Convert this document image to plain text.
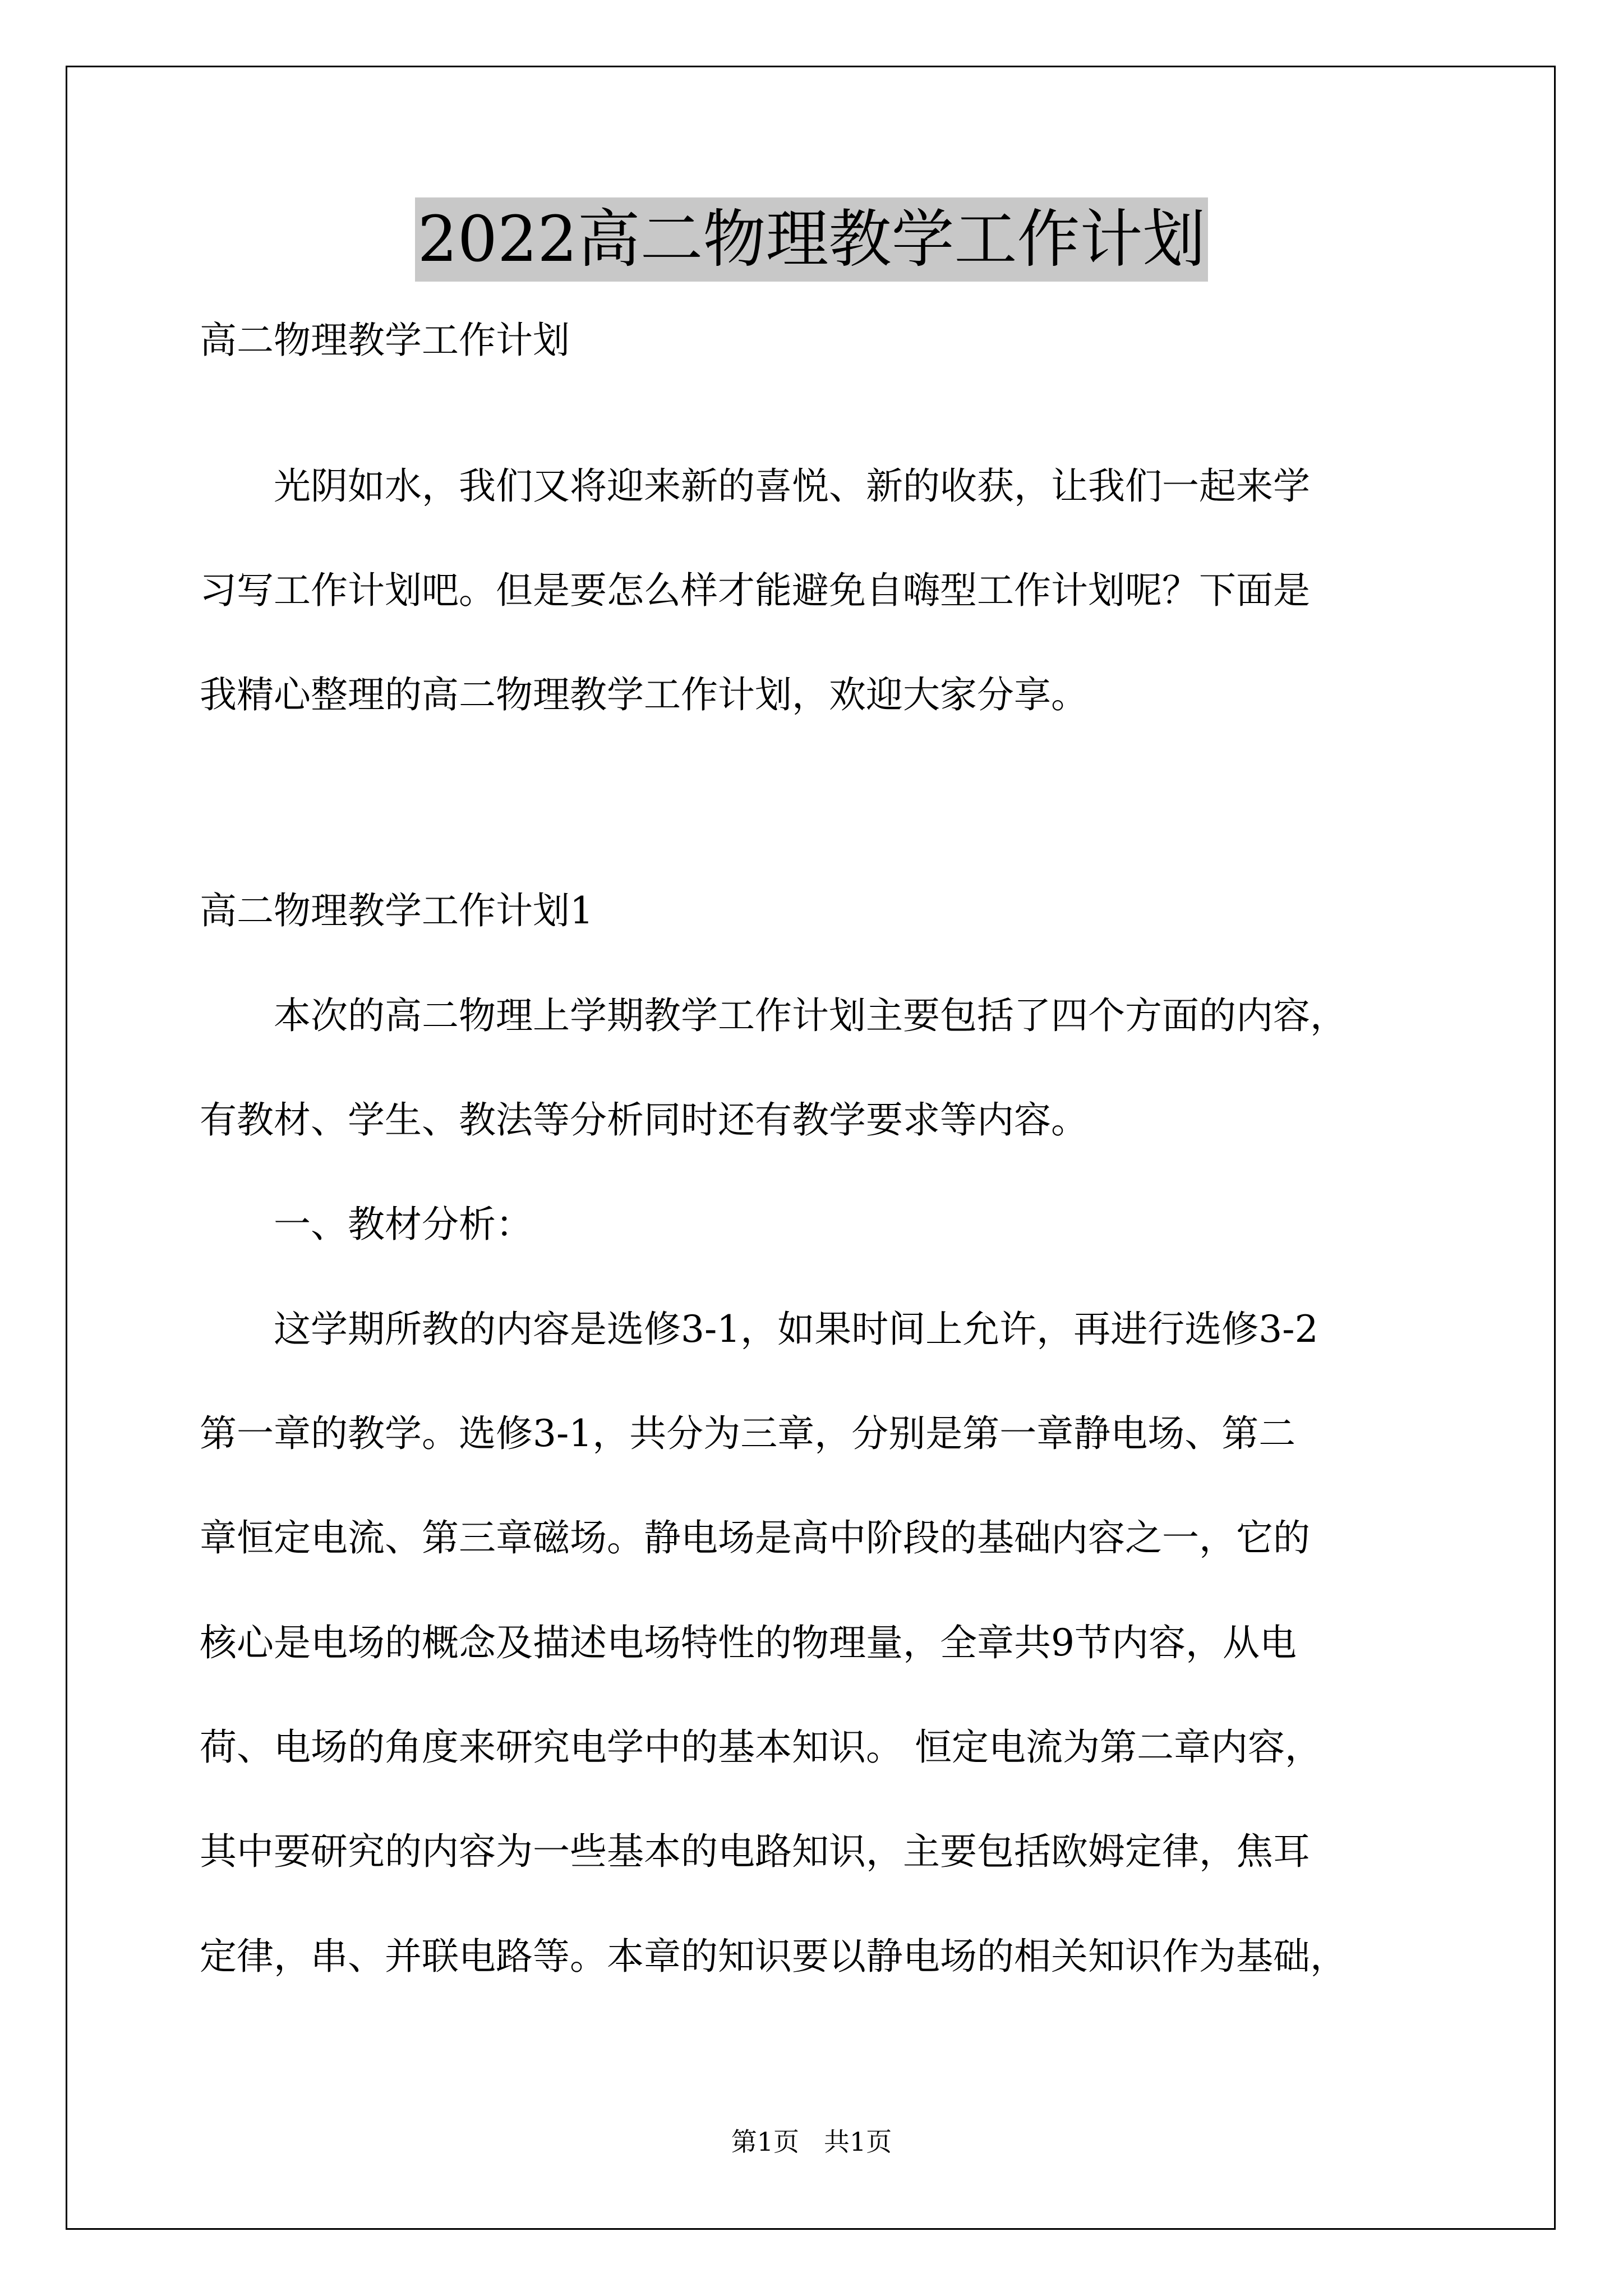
2022高二物理教学工作计划
高二物理教学工作计划
　　光阴如水，我们又将迎来新的喜悦、新的收获，让我们一起来学
习写工作计划吧。但是要怎么样才能避免自嗨型工作计划呢？下面是
我精心整理的高二物理教学工作计划，欢迎大家分享。
高二物理教学工作计划1
　　本次的高二物理上学期教学工作计划主要包括了四个方面的内容，
有教材、学生、教法等分析同时还有教学要求等内容。
　　一、教材分析：
　　这学期所教的内容是选修3-1，如果时间上允许，再进行选修3-2
第一章的教学。选修3-1，共分为三章，分别是第一章静电场、第二
章恒定电流、第三章磁场。静电场是高中阶段的基础内容之一，它的
核心是电场的概念及描述电场特性的物理量，全章共9节内容，从电
荷、电场的角度来研究电学中的基本知识。 恒定电流为第二章内容，
其中要研究的内容为一些基本的电路知识，主要包括欧姆定律，焦耳
定律，串、并联电路等。本章的知识要以静电场的相关知识作为基础，
第1页 共1页
